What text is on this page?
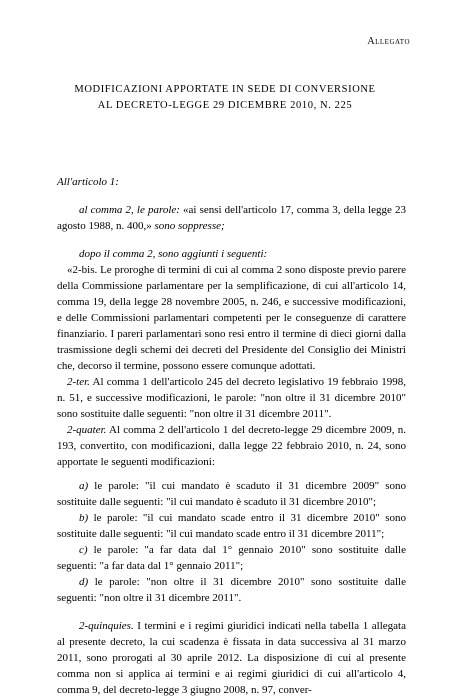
Allegato
MODIFICAZIONI APPORTATE IN SEDE DI CONVERSIONE
AL DECRETO-LEGGE 29 DICEMBRE 2010, N. 225

All'articolo 1:

al comma 2, le parole: «ai sensi dell'articolo 17, comma 3, della legge 23 agosto 1988, n. 400,» sono soppresse;

dopo il comma 2, sono aggiunti i seguenti:

«2-bis. Le proroghe di termini di cui al comma 2 sono disposte previo parere della Commissione parlamentare per la semplificazione, di cui all'articolo 14, comma 19, della legge 28 novembre 2005, n. 246, e successive modificazioni, e delle Commissioni parlamentari competenti per le conseguenze di carattere finanziario. I pareri parlamentari sono resi entro il termine di dieci giorni dalla trasmissione degli schemi dei decreti del Presidente del Consiglio dei Ministri che, decorso il termine, possono essere comunque adottati.

2-ter. Al comma 1 dell'articolo 245 del decreto legislativo 19 febbraio 1998, n. 51, e successive modificazioni, le parole: "non oltre il 31 dicembre 2010" sono sostituite dalle seguenti: "non oltre il 31 dicembre 2011".

2-quater. Al comma 2 dell'articolo 1 del decreto-legge 29 dicembre 2009, n. 193, convertito, con modificazioni, dalla legge 22 febbraio 2010, n. 24, sono apportate le seguenti modificazioni:

a) le parole: "il cui mandato è scaduto il 31 dicembre 2009" sono sostituite dalle seguenti: "il cui mandato è scaduto il 31 dicembre 2010";

b) le parole: "il cui mandato scade entro il 31 dicembre 2010" sono sostituite dalle seguenti: "il cui mandato scade entro il 31 dicembre 2011";

c) le parole: "a far data dal 1° gennaio 2010" sono sostituite dalle seguenti: "a far data dal 1° gennaio 2011";

d) le parole: "non oltre il 31 dicembre 2010" sono sostituite dalle seguenti: "non oltre il 31 dicembre 2011".

2-quinquies. I termini e i regimi giuridici indicati nella tabella 1 allegata al presente decreto, la cui scadenza è fissata in data successiva al 31 marzo 2011, sono prorogati al 30 aprile 2012. La disposizione di cui al presente comma non si applica ai termini e ai regimi giuridici di cui all'articolo 4, comma 9, del decreto-legge 3 giugno 2008, n. 97, conver-
